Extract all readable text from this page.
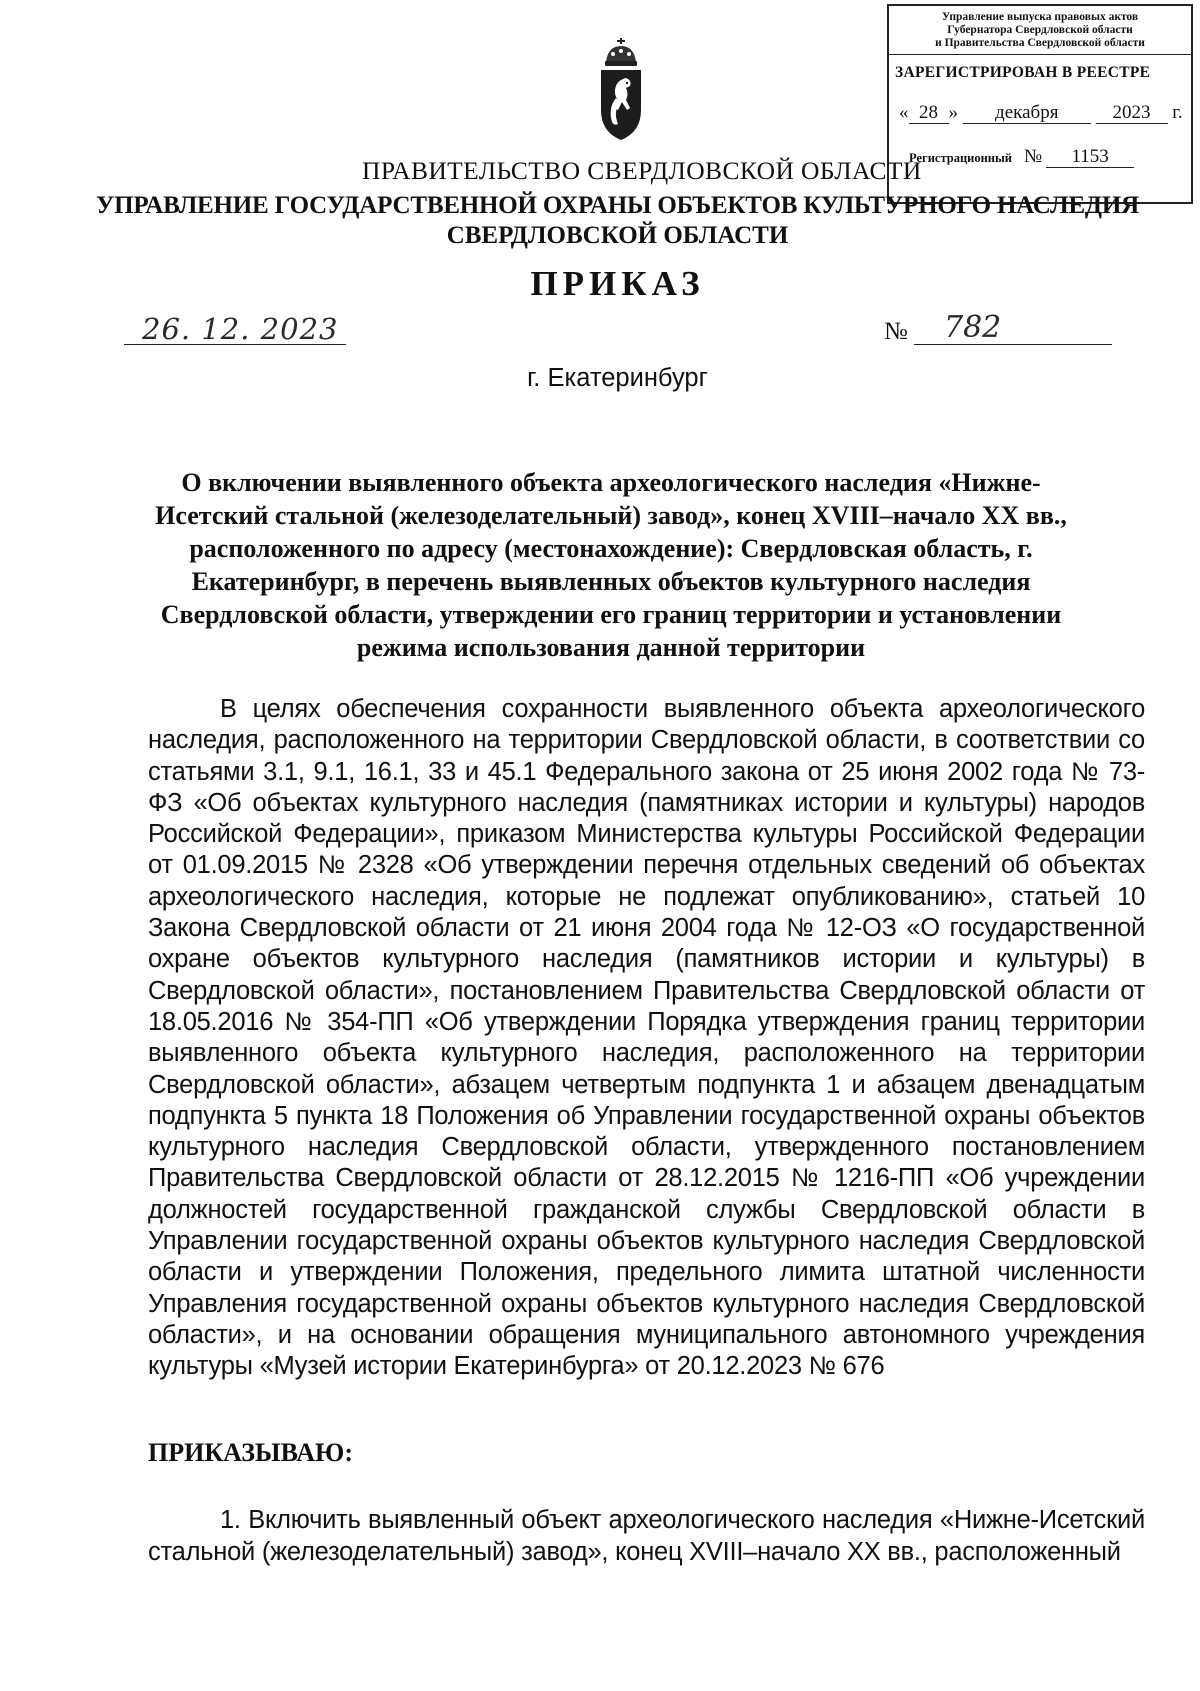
Управление выпуска правовых актов
Губернатора Свердловской области
и Правительства Свердловской области
ЗАРЕГИСТРИРОВАН В РЕЕСТРЕ
« 28 » декабря	2023 г.
Регистрационный № 1153
ПРАВИТЕЛЬСТВО СВЕРДЛОВСКОЙ ОБЛАСТИ
УПРАВЛЕНИЕ ГОСУДАРСТВЕННОЙ ОХРАНЫ ОБЪЕКТОВ КУЛЬТУРНОГО НАСЛЕДИЯ
СВЕРДЛОВСКОЙ ОБЛАСТИ
ПРИКАЗ
26. 12. 2023	№ 782
г. Екатеринбург
О включении выявленного объекта археологического наследия «Нижне-Исетский стальной (железоделательный) завод», конец XVIII–начало XX вв., расположенного по адресу (местонахождение): Свердловская область, г. Екатеринбург, в перечень выявленных объектов культурного наследия Свердловской области, утверждении его границ территории и установлении режима использования данной территории

В целях обеспечения сохранности выявленного объекта археологического наследия, расположенного на территории Свердловской области, в соответствии со статьями 3.1, 9.1, 16.1, 33 и 45.1 Федерального закона от 25 июня 2002 года № 73-ФЗ «Об объектах культурного наследия (памятниках истории и культуры) народов Российской Федерации», приказом Министерства культуры Российской Федерации от 01.09.2015 № 2328 «Об утверждении перечня отдельных сведений об объектах археологического наследия, которые не подлежат опубликованию», статьей 10 Закона Свердловской области от 21 июня 2004 года № 12-ОЗ «О государственной охране объектов культурного наследия (памятников истории и культуры) в Свердловской области», постановлением Правительства Свердловской области от 18.05.2016 № 354-ПП «Об утверждении Порядка утверждения границ территории выявленного объекта культурного наследия, расположенного на территории Свердловской области», абзацем четвертым подпункта 1 и абзацем двенадцатым подпункта 5 пункта 18 Положения об Управлении государственной охраны объектов культурного наследия Свердловской области, утвержденного постановлением Правительства Свердловской области от 28.12.2015 № 1216-ПП «Об учреждении должностей государственной гражданской службы Свердловской области в Управлении государственной охраны объектов культурного наследия Свердловской области и утверждении Положения, предельного лимита штатной численности Управления государственной охраны объектов культурного наследия Свердловской области», и на основании обращения муниципального автономного учреждения культуры «Музей истории Екатеринбурга» от 20.12.2023 № 676

ПРИКАЗЫВАЮ:

1. Включить выявленный объект археологического наследия «Нижне-Исетский стальной (железоделательный) завод», конец XVIII–начало XX вв., расположенный
